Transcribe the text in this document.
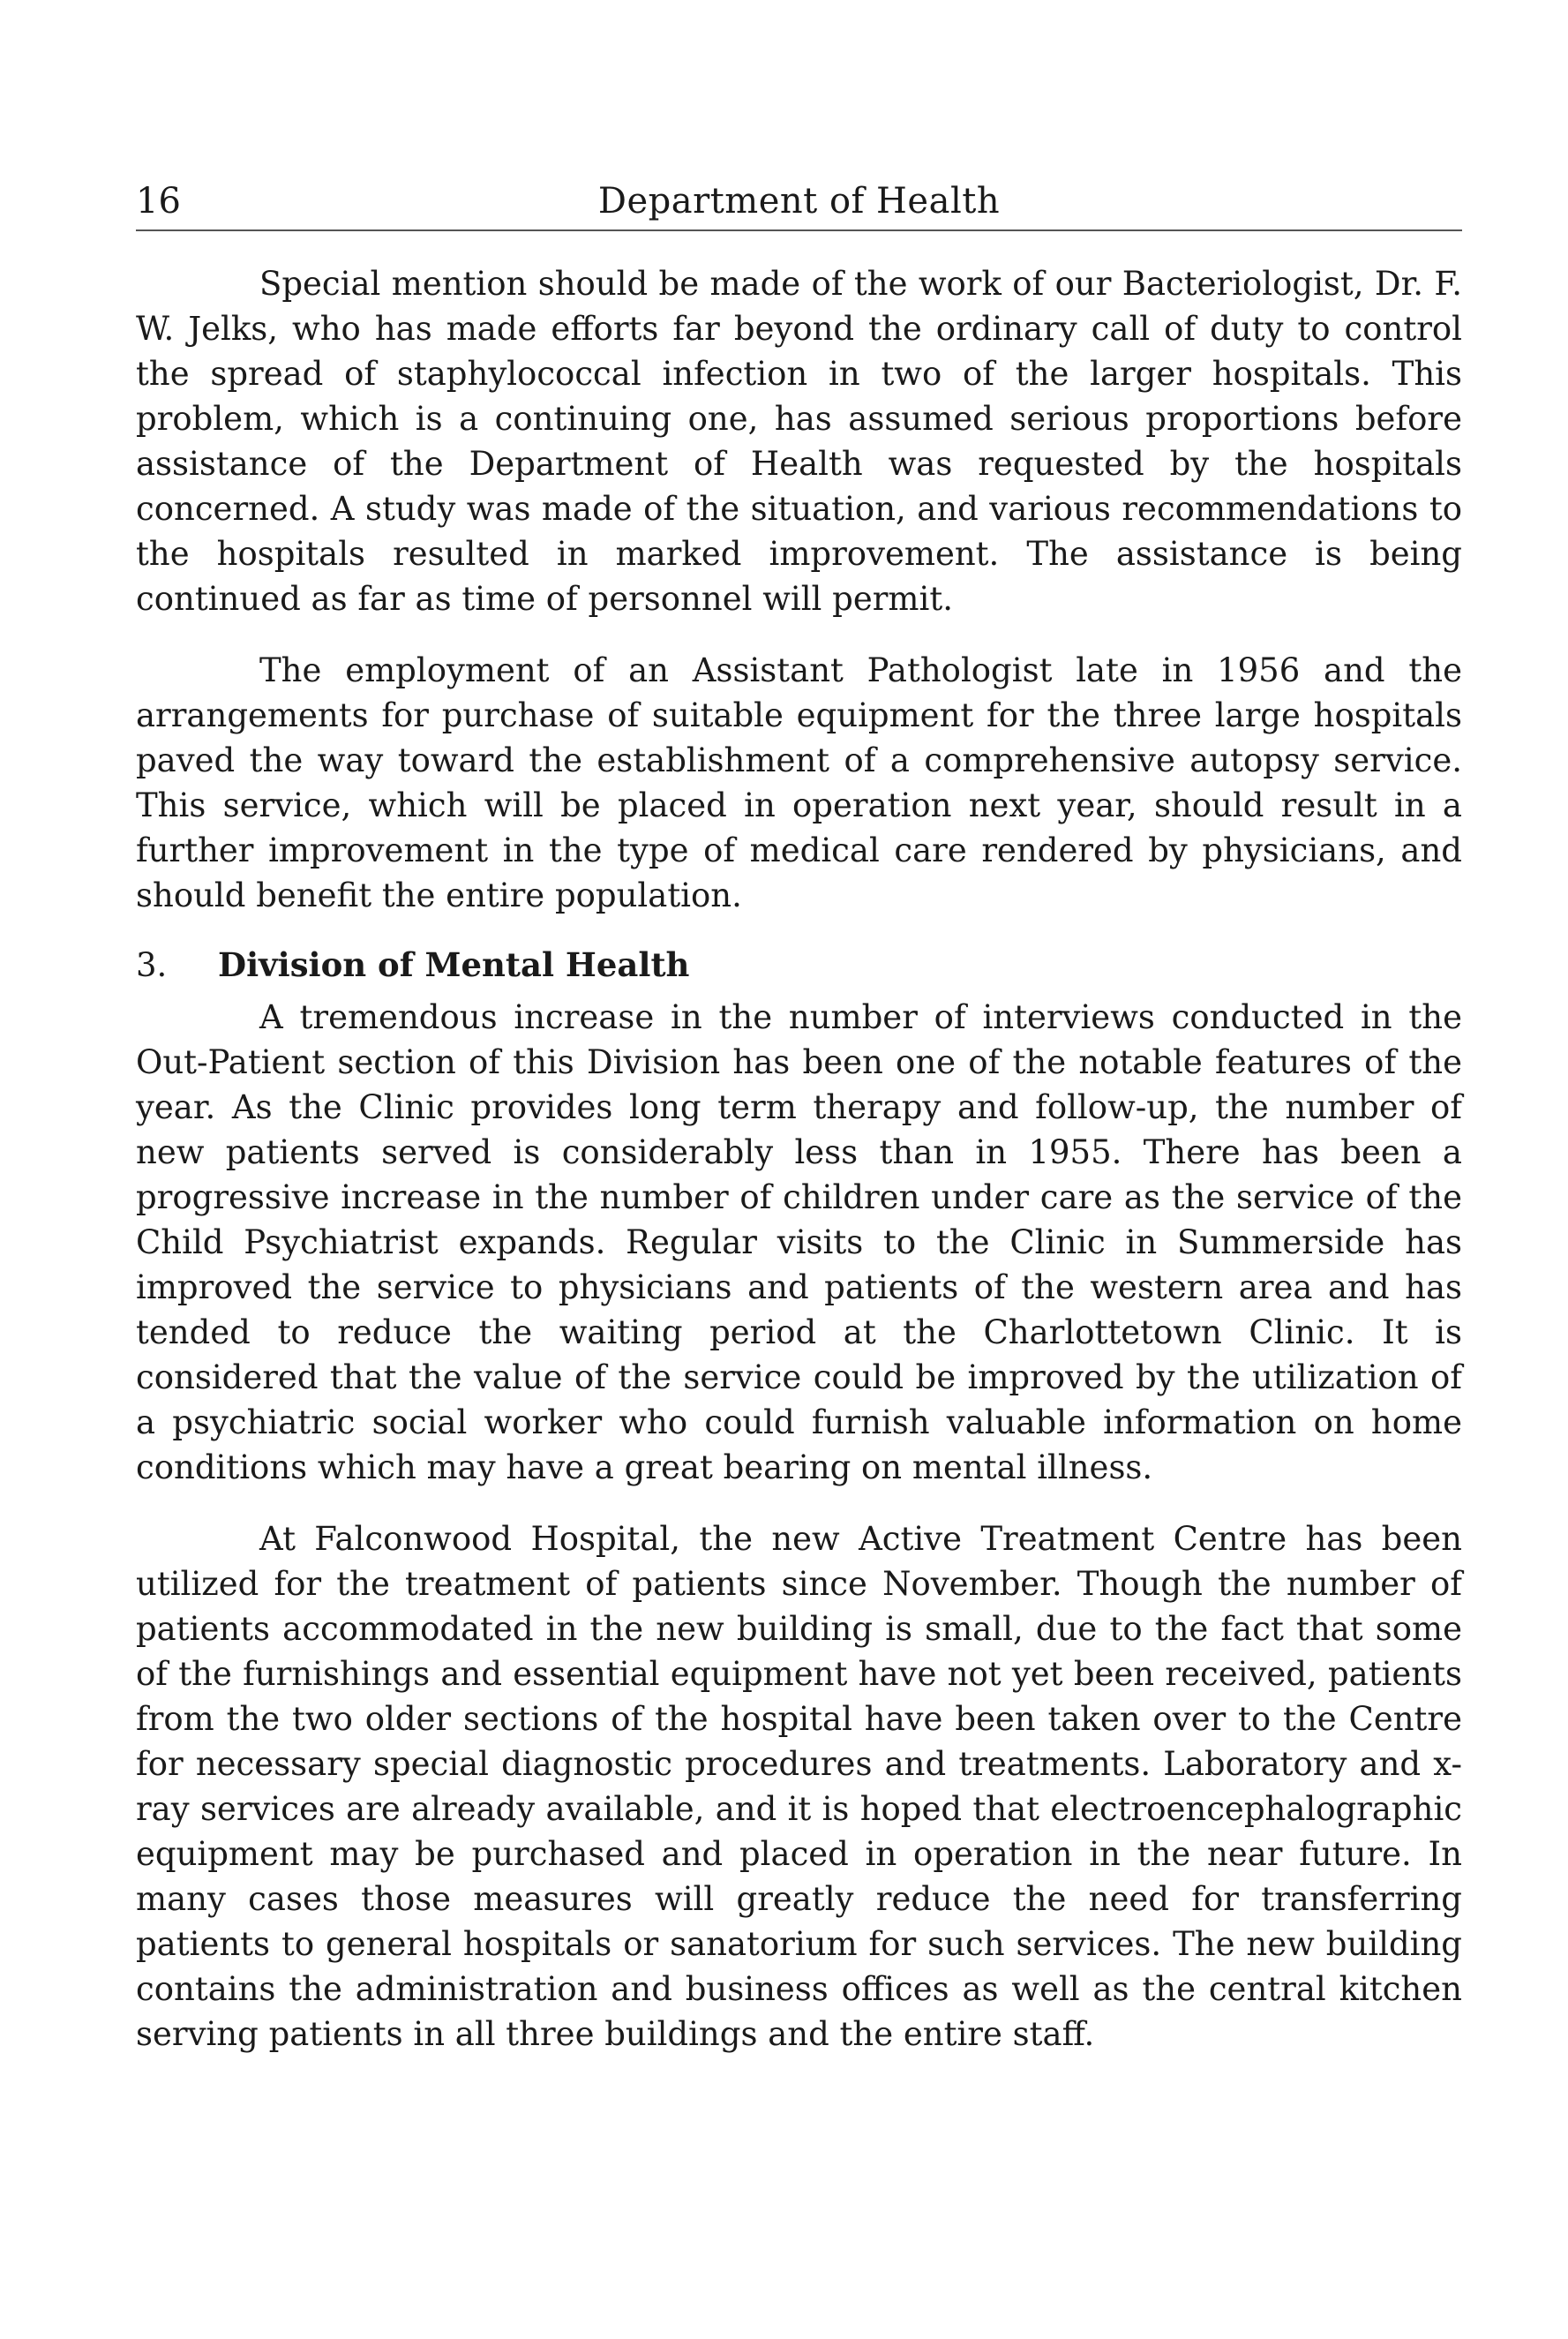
16	Department of Health

Special mention should be made of the work of our Bacteriologist, Dr. F. W. Jelks, who has made efforts far beyond the ordinary call of duty to control the spread of staphylococcal infection in two of the larger hospitals. This problem, which is a continuing one, has assumed serious proportions before assistance of the Department of Health was requested by the hospitals concerned. A study was made of the situation, and various recommendations to the hospitals resulted in marked improvement. The assistance is being continued as far as time of personnel will permit.

The employment of an Assistant Pathologist late in 1956 and the arrangements for purchase of suitable equipment for the three large hospitals paved the way toward the establishment of a comprehensive autopsy service. This service, which will be placed in operation next year, should result in a further improvement in the type of medical care rendered by physicians, and should benefit the entire population.

3. Division of Mental Health

A tremendous increase in the number of interviews conducted in the Out-Patient section of this Division has been one of the notable features of the year. As the Clinic provides long term therapy and follow-up, the number of new patients served is considerably less than in 1955. There has been a progressive increase in the number of children under care as the service of the Child Psychiatrist expands. Regular visits to the Clinic in Summerside has improved the service to physicians and patients of the western area and has tended to reduce the waiting period at the Charlottetown Clinic. It is considered that the value of the service could be improved by the utilization of a psychiatric social worker who could furnish valuable information on home conditions which may have a great bearing on mental illness.

At Falconwood Hospital, the new Active Treatment Centre has been utilized for the treatment of patients since November. Though the number of patients accommodated in the new building is small, due to the fact that some of the furnishings and essential equipment have not yet been received, patients from the two older sections of the hospital have been taken over to the Centre for necessary special diagnostic procedures and treatments. Laboratory and x-ray services are already available, and it is hoped that electroencephalographic equipment may be purchased and placed in operation in the near future. In many cases those measures will greatly reduce the need for transferring patients to general hospitals or sanatorium for such services. The new building contains the administration and business offices as well as the central kitchen serving patients in all three buildings and the entire staff.
